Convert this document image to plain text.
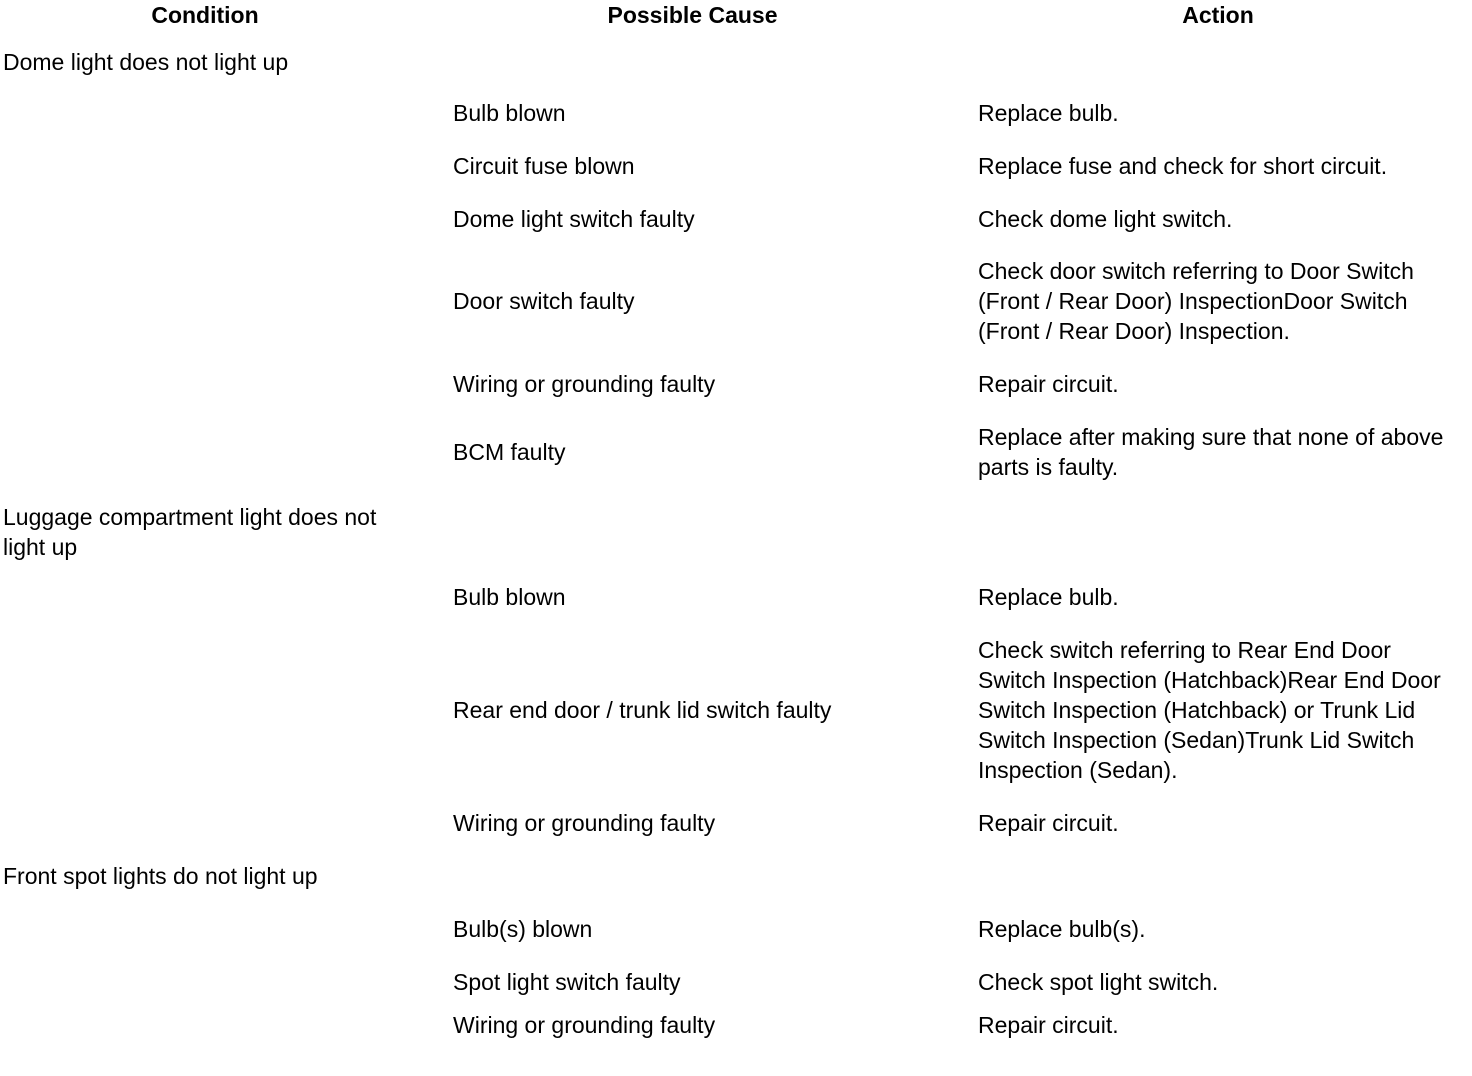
Condition	Possible Cause	Action
Dome light does not light up		
	Bulb blown	Replace bulb.
	Circuit fuse blown	Replace fuse and check for short circuit.
	Dome light switch faulty	Check dome light switch.
	Door switch faulty	Check door switch referring to Door Switch (Front / Rear Door) InspectionDoor Switch (Front / Rear Door) Inspection.
	Wiring or grounding faulty	Repair circuit.
	BCM faulty	Replace after making sure that none of above parts is faulty.
Luggage compartment light does not light up		
	Bulb blown	Replace bulb.
	Rear end door / trunk lid switch faulty	Check switch referring to Rear End Door Switch Inspection (Hatchback)Rear End Door Switch Inspection (Hatchback) or Trunk Lid Switch Inspection (Sedan)Trunk Lid Switch Inspection (Sedan).
	Wiring or grounding faulty	Repair circuit.
Front spot lights do not light up		
	Bulb(s) blown	Replace bulb(s).
	Spot light switch faulty	Check spot light switch.
	Wiring or grounding faulty	Repair circuit.
